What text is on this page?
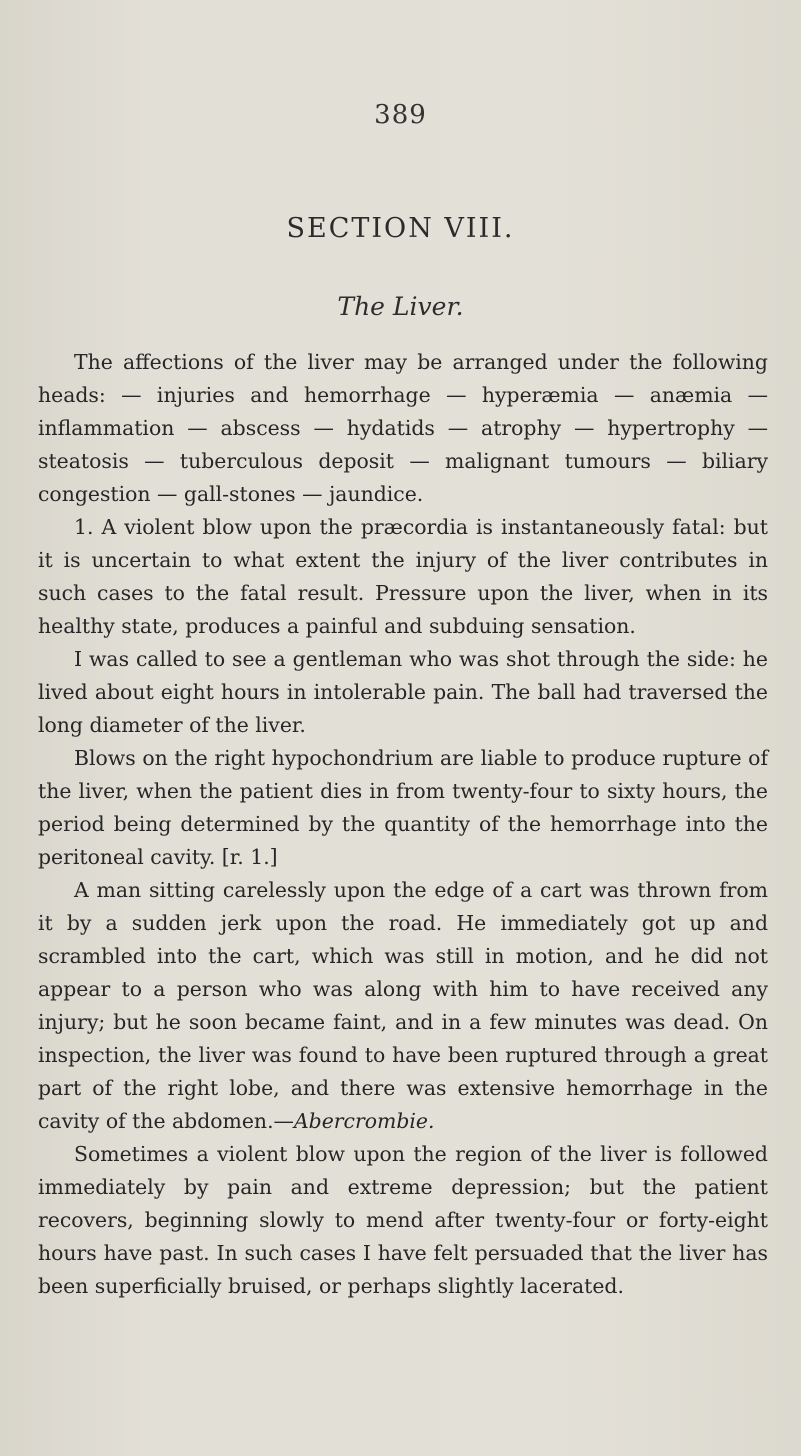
389
SECTION VIII.
The Liver.

The affections of the liver may be arranged under the following heads: — injuries and hemorrhage — hyperæmia — anæmia — inflammation — abscess — hydatids — atrophy — hypertrophy — steatosis — tuberculous deposit — malignant tumours — biliary congestion — gall-stones — jaundice.

1. A violent blow upon the præcordia is instantaneously fatal: but it is uncertain to what extent the injury of the liver contributes in such cases to the fatal result. Pressure upon the liver, when in its healthy state, produces a painful and subduing sensation.

I was called to see a gentleman who was shot through the side: he lived about eight hours in intolerable pain. The ball had traversed the long diameter of the liver.

Blows on the right hypochondrium are liable to produce rupture of the liver, when the patient dies in from twenty-four to sixty hours, the period being determined by the quantity of the hemorrhage into the peritoneal cavity. [r. 1.]

A man sitting carelessly upon the edge of a cart was thrown from it by a sudden jerk upon the road. He immediately got up and scrambled into the cart, which was still in motion, and he did not appear to a person who was along with him to have received any injury; but he soon became faint, and in a few minutes was dead. On inspection, the liver was found to have been ruptured through a great part of the right lobe, and there was extensive hemorrhage in the cavity of the abdomen.—Abercrombie.

Sometimes a violent blow upon the region of the liver is followed immediately by pain and extreme depression; but the patient recovers, beginning slowly to mend after twenty-four or forty-eight hours have past. In such cases I have felt persuaded that the liver has been superficially bruised, or perhaps slightly lacerated.
